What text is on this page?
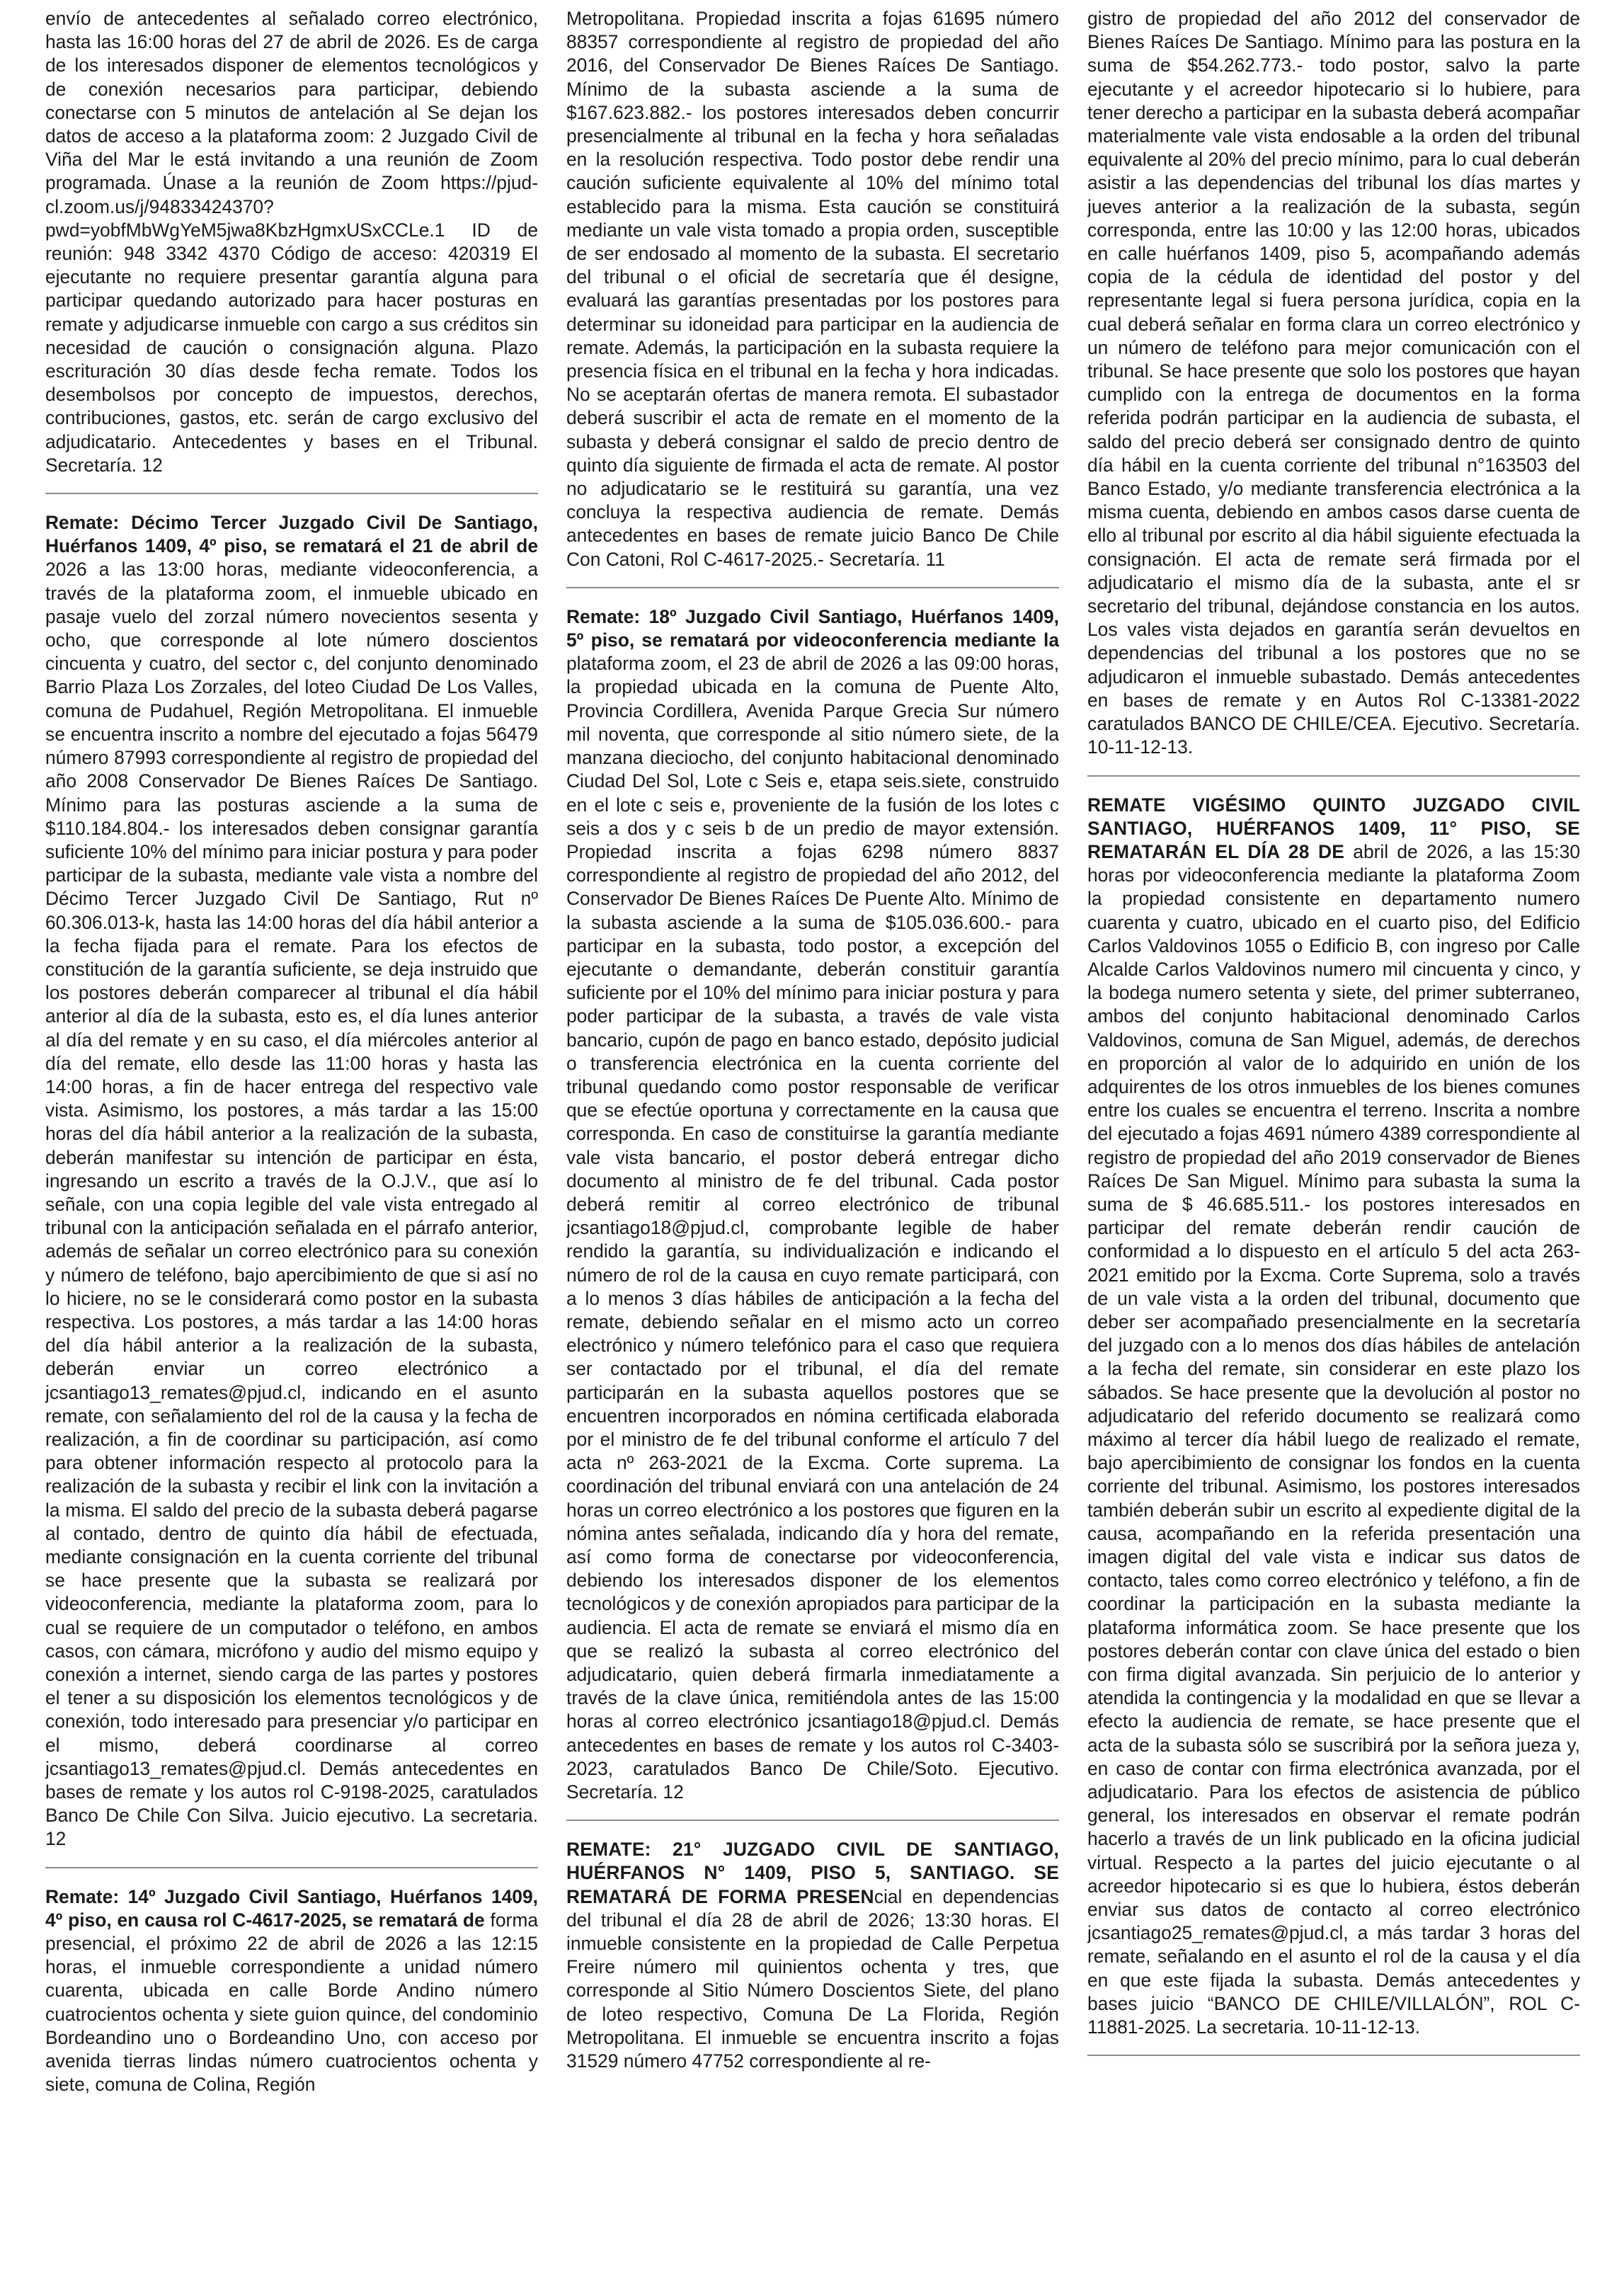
envío de antecedentes al señalado correo electrónico, hasta las 16:00 horas del 27 de abril de 2026. Es de carga de los interesados disponer de elementos tecnológicos y de conexión necesarios para participar, debiendo conectarse con 5 minutos de antelación al Se dejan los datos de acceso a la plataforma zoom: 2 Juzgado Civil de Viña del Mar le está invitando a una reunión de Zoom programada. Únase a la reunión de Zoom https://pjud-cl.zoom.us/j/94833424370?pwd=yobfMbWgYeM5jwa8KbzHgmxUSxCCLe.1 ID de reunión: 948 3342 4370 Código de acceso: 420319 El ejecutante no requiere presentar garantía alguna para participar quedando autorizado para hacer posturas en remate y adjudicarse inmueble con cargo a sus créditos sin necesidad de caución o consignación alguna. Plazo escrituración 30 días desde fecha remate. Todos los desembolsos por concepto de impuestos, derechos, contribuciones, gastos, etc. serán de cargo exclusivo del adjudicatario. Antecedentes y bases en el Tribunal. Secretaría. 12

Remate: Décimo Tercer Juzgado Civil De Santiago, Huérfanos 1409, 4º piso, se rematará el 21 de abril de 2026 a las 13:00 horas, mediante videoconferencia, a través de la plataforma zoom, el inmueble ubicado en pasaje vuelo del zorzal número novecientos sesenta y ocho, que corresponde al lote número doscientos cincuenta y cuatro, del sector c, del conjunto denominado Barrio Plaza Los Zorzales, del loteo Ciudad De Los Valles, comuna de Pudahuel, Región Metropolitana. El inmueble se encuentra inscrito a nombre del ejecutado a fojas 56479 número 87993 correspondiente al registro de propiedad del año 2008 Conservador De Bienes Raíces De Santiago. Mínimo para las posturas asciende a la suma de $110.184.804.- los interesados deben consignar garantía suficiente 10% del mínimo para iniciar postura y para poder participar de la subasta, mediante vale vista a nombre del Décimo Tercer Juzgado Civil De Santiago, Rut nº 60.306.013-k, hasta las 14:00 horas del día hábil anterior a la fecha fijada para el remate. Para los efectos de constitución de la garantía suficiente, se deja instruido que los postores deberán comparecer al tribunal el día hábil anterior al día de la subasta, esto es, el día lunes anterior al día del remate y en su caso, el día miércoles anterior al día del remate, ello desde las 11:00 horas y hasta las 14:00 horas, a fin de hacer entrega del respectivo vale vista. Asimismo, los postores, a más tardar a las 15:00 horas del día hábil anterior a la realización de la subasta, deberán manifestar su intención de participar en ésta, ingresando un escrito a través de la O.J.V., que así lo señale, con una copia legible del vale vista entregado al tribunal con la anticipación señalada en el párrafo anterior, además de señalar un correo electrónico para su conexión y número de teléfono, bajo apercibimiento de que si así no lo hiciere, no se le considerará como postor en la subasta respectiva. Los postores, a más tardar a las 14:00 horas del día hábil anterior a la realización de la subasta, deberán enviar un correo electrónico a jcsantiago13_remates@pjud.cl, indicando en el asunto remate, con señalamiento del rol de la causa y la fecha de realización, a fin de coordinar su participación, así como para obtener información respecto al protocolo para la realización de la subasta y recibir el link con la invitación a la misma. El saldo del precio de la subasta deberá pagarse al contado, dentro de quinto día hábil de efectuada, mediante consignación en la cuenta corriente del tribunal se hace presente que la subasta se realizará por videoconferencia, mediante la plataforma zoom, para lo cual se requiere de un computador o teléfono, en ambos casos, con cámara, micrófono y audio del mismo equipo y conexión a internet, siendo carga de las partes y postores el tener a su disposición los elementos tecnológicos y de conexión, todo interesado para presenciar y/o participar en el mismo, deberá coordinarse al correo jcsantiago13_remates@pjud.cl. Demás antecedentes en bases de remate y los autos rol C-9198-2025, caratulados Banco De Chile Con Silva. Juicio ejecutivo. La secretaria. 12

Remate: 14º Juzgado Civil Santiago, Huérfanos 1409, 4º piso, en causa rol C-4617-2025, se rematará de forma presencial, el próximo 22 de abril de 2026 a las 12:15 horas, el inmueble correspondiente a unidad número cuarenta, ubicada en calle Borde Andino número cuatrocientos ochenta y siete guion quince, del condominio Bordeandino uno o Bordeandino Uno, con acceso por avenida tierras lindas número cuatrocientos ochenta y siete, comuna de Colina, Región

Metropolitana. Propiedad inscrita a fojas 61695 número 88357 correspondiente al registro de propiedad del año 2016, del Conservador De Bienes Raíces De Santiago. Mínimo de la subasta asciende a la suma de $167.623.882.- los postores interesados deben concurrir presencialmente al tribunal en la fecha y hora señaladas en la resolución respectiva. Todo postor debe rendir una caución suficiente equivalente al 10% del mínimo total establecido para la misma. Esta caución se constituirá mediante un vale vista tomado a propia orden, susceptible de ser endosado al momento de la subasta. El secretario del tribunal o el oficial de secretaría que él designe, evaluará las garantías presentadas por los postores para determinar su idoneidad para participar en la audiencia de remate. Además, la participación en la subasta requiere la presencia física en el tribunal en la fecha y hora indicadas. No se aceptarán ofertas de manera remota. El subastador deberá suscribir el acta de remate en el momento de la subasta y deberá consignar el saldo de precio dentro de quinto día siguiente de firmada el acta de remate. Al postor no adjudicatario se le restituirá su garantía, una vez concluya la respectiva audiencia de remate. Demás antecedentes en bases de remate juicio Banco De Chile Con Catoni, Rol C-4617-2025.- Secretaría. 11

Remate: 18º Juzgado Civil Santiago, Huérfanos 1409, 5º piso, se rematará por videoconferencia mediante la plataforma zoom, el 23 de abril de 2026 a las 09:00 horas, la propiedad ubicada en la comuna de Puente Alto, Provincia Cordillera, Avenida Parque Grecia Sur número mil noventa, que corresponde al sitio número siete, de la manzana dieciocho, del conjunto habitacional denominado Ciudad Del Sol, Lote c Seis e, etapa seis.siete, construido en el lote c seis e, proveniente de la fusión de los lotes c seis a dos y c seis b de un predio de mayor extensión. Propiedad inscrita a fojas 6298 número 8837 correspondiente al registro de propiedad del año 2012, del Conservador De Bienes Raíces De Puente Alto. Mínimo de la subasta asciende a la suma de $105.036.600.- para participar en la subasta, todo postor, a excepción del ejecutante o demandante, deberán constituir garantía suficiente por el 10% del mínimo para iniciar postura y para poder participar de la subasta, a través de vale vista bancario, cupón de pago en banco estado, depósito judicial o transferencia electrónica en la cuenta corriente del tribunal quedando como postor responsable de verificar que se efectúe oportuna y correctamente en la causa que corresponda. En caso de constituirse la garantía mediante vale vista bancario, el postor deberá entregar dicho documento al ministro de fe del tribunal. Cada postor deberá remitir al correo electrónico de tribunal jcsantiago18@pjud.cl, comprobante legible de haber rendido la garantía, su individualización e indicando el número de rol de la causa en cuyo remate participará, con a lo menos 3 días hábiles de anticipación a la fecha del remate, debiendo señalar en el mismo acto un correo electrónico y número telefónico para el caso que requiera ser contactado por el tribunal, el día del remate participarán en la subasta aquellos postores que se encuentren incorporados en nómina certificada elaborada por el ministro de fe del tribunal conforme el artículo 7 del acta nº 263-2021 de la Excma. Corte suprema. La coordinación del tribunal enviará con una antelación de 24 horas un correo electrónico a los postores que figuren en la nómina antes señalada, indicando día y hora del remate, así como forma de conectarse por videoconferencia, debiendo los interesados disponer de los elementos tecnológicos y de conexión apropiados para participar de la audiencia. El acta de remate se enviará el mismo día en que se realizó la subasta al correo electrónico del adjudicatario, quien deberá firmarla inmediatamente a través de la clave única, remitiéndola antes de las 15:00 horas al correo electrónico jcsantiago18@pjud.cl. Demás antecedentes en bases de remate y los autos rol C-3403-2023, caratulados Banco De Chile/Soto. Ejecutivo. Secretaría. 12

REMATE: 21° JUZGADO CIVIL DE SANTIAGO, HUÉRFANOS N° 1409, PISO 5, SANTIAGO. SE REMATARÁ DE FORMA PRESENcial en dependencias del tribunal el día 28 de abril de 2026; 13:30 horas. El inmueble consistente en la propiedad de Calle Perpetua Freire número mil quinientos ochenta y tres, que corresponde al Sitio Número Doscientos Siete, del plano de loteo respectivo, Comuna De La Florida, Región Metropolitana. El inmueble se encuentra inscrito a fojas 31529 número 47752 correspondiente al re-

gistro de propiedad del año 2012 del conservador de Bienes Raíces De Santiago. Mínimo para las postura en la suma de $54.262.773.- todo postor, salvo la parte ejecutante y el acreedor hipotecario si lo hubiere, para tener derecho a participar en la subasta deberá acompañar materialmente vale vista endosable a la orden del tribunal equivalente al 20% del precio mínimo, para lo cual deberán asistir a las dependencias del tribunal los días martes y jueves anterior a la realización de la subasta, según corresponda, entre las 10:00 y las 12:00 horas, ubicados en calle huérfanos 1409, piso 5, acompañando además copia de la cédula de identidad del postor y del representante legal si fuera persona jurídica, copia en la cual deberá señalar en forma clara un correo electrónico y un número de teléfono para mejor comunicación con el tribunal. Se hace presente que solo los postores que hayan cumplido con la entrega de documentos en la forma referida podrán participar en la audiencia de subasta, el saldo del precio deberá ser consignado dentro de quinto día hábil en la cuenta corriente del tribunal n°163503 del Banco Estado, y/o mediante transferencia electrónica a la misma cuenta, debiendo en ambos casos darse cuenta de ello al tribunal por escrito al dia hábil siguiente efectuada la consignación. El acta de remate será firmada por el adjudicatario el mismo día de la subasta, ante el sr secretario del tribunal, dejándose constancia en los autos. Los vales vista dejados en garantía serán devueltos en dependencias del tribunal a los postores que no se adjudicaron el inmueble subastado. Demás antecedentes en bases de remate y en Autos Rol C-13381-2022 caratulados BANCO DE CHILE/CEA. Ejecutivo. Secretaría. 10-11-12-13.

REMATE VIGÉSIMO QUINTO JUZGADO CIVIL SANTIAGO, HUÉRFANOS 1409, 11° PISO, SE REMATARÁN EL DÍA 28 DE abril de 2026, a las 15:30 horas por videoconferencia mediante la plataforma Zoom la propiedad consistente en departamento numero cuarenta y cuatro, ubicado en el cuarto piso, del Edificio Carlos Valdovinos 1055 o Edificio B, con ingreso por Calle Alcalde Carlos Valdovinos numero mil cincuenta y cinco, y la bodega numero setenta y siete, del primer subterraneo, ambos del conjunto habitacional denominado Carlos Valdovinos, comuna de San Miguel, además, de derechos en proporción al valor de lo adquirido en unión de los adquirentes de los otros inmuebles de los bienes comunes entre los cuales se encuentra el terreno. Inscrita a nombre del ejecutado a fojas 4691 número 4389 correspondiente al registro de propiedad del año 2019 conservador de Bienes Raíces De San Miguel. Mínimo para subasta la suma la suma de $ 46.685.511.- los postores interesados en participar del remate deberán rendir caución de conformidad a lo dispuesto en el artículo 5 del acta 263-2021 emitido por la Excma. Corte Suprema, solo a través de un vale vista a la orden del tribunal, documento que deber ser acompañado presencialmente en la secretaría del juzgado con a lo menos dos días hábiles de antelación a la fecha del remate, sin considerar en este plazo los sábados. Se hace presente que la devolución al postor no adjudicatario del referido documento se realizará como máximo al tercer día hábil luego de realizado el remate, bajo apercibimiento de consignar los fondos en la cuenta corriente del tribunal. Asimismo, los postores interesados también deberán subir un escrito al expediente digital de la causa, acompañando en la referida presentación una imagen digital del vale vista e indicar sus datos de contacto, tales como correo electrónico y teléfono, a fin de coordinar la participación en la subasta mediante la plataforma informática zoom. Se hace presente que los postores deberán contar con clave única del estado o bien con firma digital avanzada. Sin perjuicio de lo anterior y atendida la contingencia y la modalidad en que se llevar a efecto la audiencia de remate, se hace presente que el acta de la subasta sólo se suscribirá por la señora jueza y, en caso de contar con firma electrónica avanzada, por el adjudicatario. Para los efectos de asistencia de público general, los interesados en observar el remate podrán hacerlo a través de un link publicado en la oficina judicial virtual. Respecto a la partes del juicio ejecutante o al acreedor hipotecario si es que lo hubiera, éstos deberán enviar sus datos de contacto al correo electrónico jcsantiago25_remates@pjud.cl, a más tardar 3 horas del remate, señalando en el asunto el rol de la causa y el día en que este fijada la subasta. Demás antecedentes y bases juicio “BANCO DE CHILE/VILLALÓN”, ROL C-11881-2025. La secretaria. 10-11-12-13.
